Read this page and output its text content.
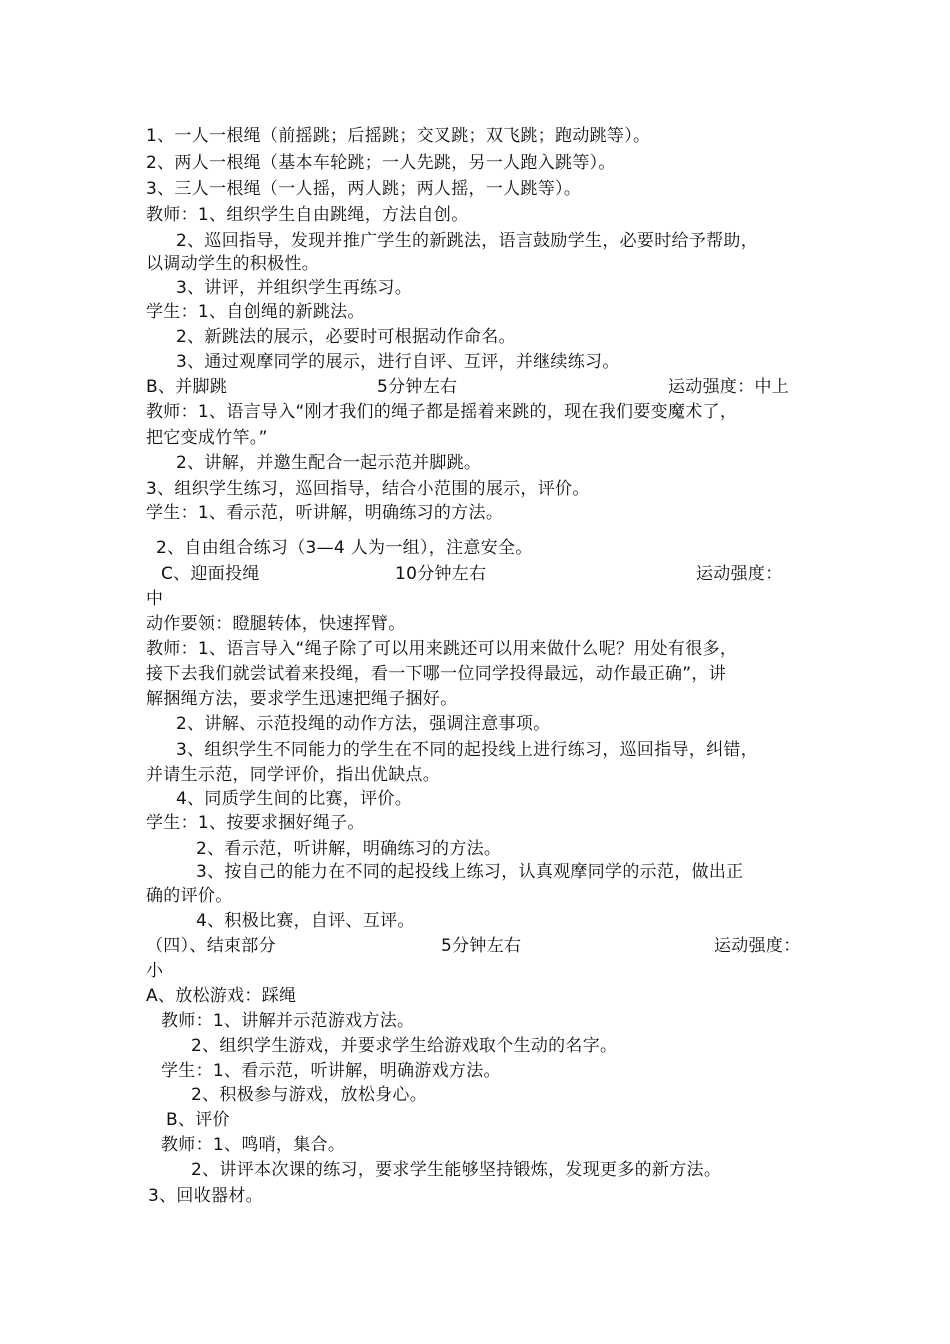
1、一人一根绳（前摇跳；后摇跳；交叉跳；双飞跳；跑动跳等）。
2、两人一根绳（基本车轮跳；一人先跳，另一人跑入跳等）。
3、三人一根绳（一人摇，两人跳；两人摇，一人跳等）。
教师：1、组织学生自由跳绳，方法自创。
2、巡回指导，发现并推广学生的新跳法，语言鼓励学生，必要时给予帮助，
以调动学生的积极性。
3、讲评，并组织学生再练习。
学生：1、自创绳的新跳法。
2、新跳法的展示，必要时可根据动作命名。
3、通过观摩同学的展示，进行自评、互评，并继续练习。
B、并脚跳	5分钟左右	运动强度：中上
教师：1、语言导入“刚才我们的绳子都是摇着来跳的，现在我们要变魔术了，
把它变成竹竿。”
2、讲解，并邀生配合一起示范并脚跳。
3、组织学生练习，巡回指导，结合小范围的展示，评价。
学生：1、看示范，听讲解，明确练习的方法。
2、自由组合练习（3—4 人为一组），注意安全。
C、迎面投绳	10分钟左右	运动强度：
中
动作要领：瞪腿转体，快速挥臂。
教师：1、语言导入“绳子除了可以用来跳还可以用来做什么呢？用处有很多，
接下去我们就尝试着来投绳，看一下哪一位同学投得最远，动作最正确”，讲
解捆绳方法，要求学生迅速把绳子捆好。
2、讲解、示范投绳的动作方法，强调注意事项。
3、组织学生不同能力的学生在不同的起投线上进行练习，巡回指导，纠错，
并请生示范，同学评价，指出优缺点。
4、同质学生间的比赛，评价。
学生：1、按要求捆好绳子。
2、看示范，听讲解，明确练习的方法。
3、按自己的能力在不同的起投线上练习，认真观摩同学的示范，做出正
确的评价。
4、积极比赛，自评、互评。
（四）、结束部分	5分钟左右	运动强度：
小
A、放松游戏：踩绳
教师：1、讲解并示范游戏方法。
2、组织学生游戏，并要求学生给游戏取个生动的名字。
学生：1、看示范，听讲解，明确游戏方法。
2、积极参与游戏，放松身心。
B、评价
教师：1、鸣哨，集合。
2、讲评本次课的练习，要求学生能够坚持锻炼，发现更多的新方法。
3、回收器材。
